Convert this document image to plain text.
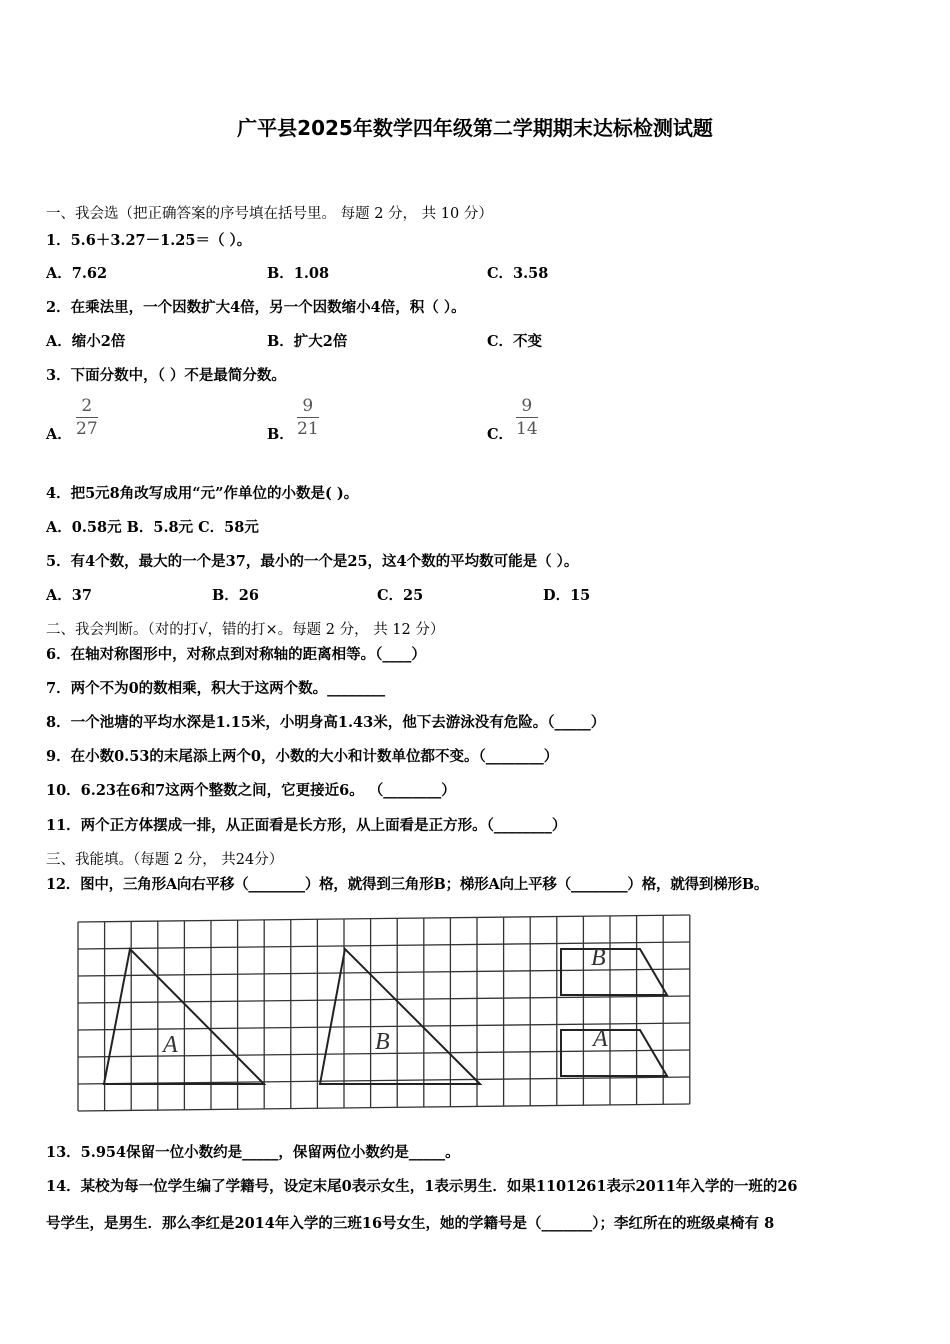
广平县2025年数学四年级第二学期期末达标检测试题
一、我会选（把正确答案的序号填在括号里。 每题 2 分， 共 10 分）
1．5.6＋3.27－1.25＝（ ）。
A．7.62	B．1.08	C．3.58
2．在乘法里，一个因数扩大4倍，另一个因数缩小4倍，积（ ）。
A．缩小2倍	B．扩大2倍	C．不变
3．下面分数中，（ ）不是最简分数。
A．
2
27	B．
9
21	C．
9
14
4．把5元8角改写成用“元”作单位的小数是( )。
A．0.58元 B．5.8元 C．58元
5．有4个数，最大的一个是37，最小的一个是25，这4个数的平均数可能是（ ）。
A．37	B．26	C．25	D．15
二、我会判断。（对的打√，错的打×。每题 2 分， 共 12 分）
6．在轴对称图形中，对称点到对称轴的距离相等。（____）
7．两个不为0的数相乘，积大于这两个数。________
8．一个池塘的平均水深是1.15米，小明身高1.43米，他下去游泳没有危险。（_____）
9．在小数0.53的末尾添上两个0，小数的大小和计数单位都不变。（________）
10．6.23在6和7这两个整数之间，它更接近6。 （________）
11．两个正方体摆成一排，从正面看是长方形，从上面看是正方形。（________）
三、我能填。（每题 2 分， 共24分）
12．图中，三角形A向右平移（________）格，就得到三角形B；梯形A向上平移（________）格，就得到梯形B。
A	B
B
A
13．5.954保留一位小数约是_____，保留两位小数约是_____。
14．某校为每一位学生编了学籍号，设定末尾0表示女生，1表示男生．如果1101261表示2011年入学的一班的26
号学生，是男生．那么李红是2014年入学的三班16号女生，她的学籍号是（_______）；李红所在的班级桌椅有 8
